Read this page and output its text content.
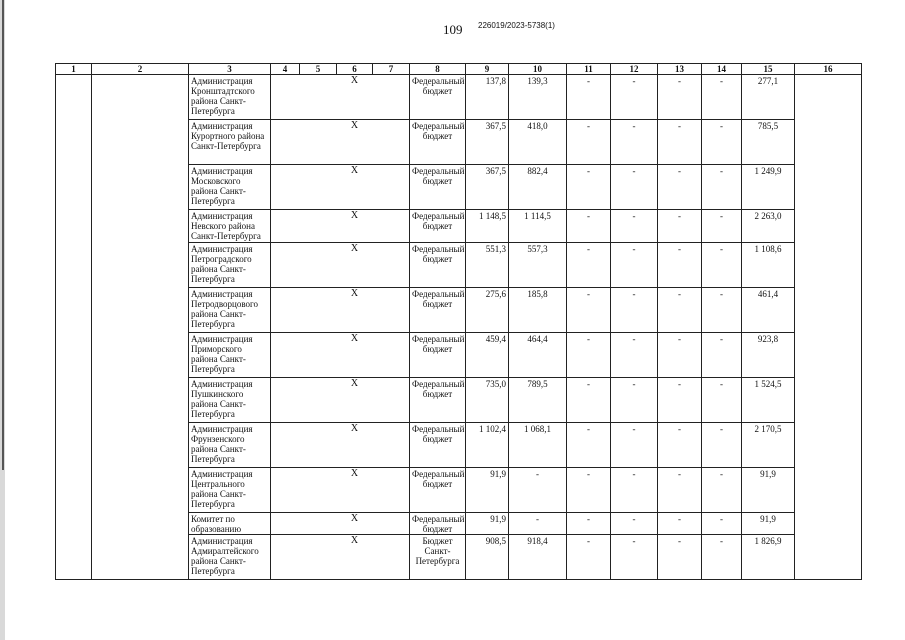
109 226019/2023-5738(1)
1	2	3	4	5	6	7	8	9	10	11	12	13	14	15	16
		Администрация Кронштадтского района Санкт-Петербурга			X		Федеральный бюджет	137,8	139,3	-	-	-	-	277,1	
		Администрация Курортного района Санкт-Петербурга			X		Федеральный бюджет	367,5	418,0	-	-	-	-	785,5	
		Администрация Московского района Санкт-Петербурга			X		Федеральный бюджет	367,5	882,4	-	-	-	-	1 249,9	
		Администрация Невского района Санкт-Петербурга			X		Федеральный бюджет	1 148,5	1 114,5	-	-	-	-	2 263,0	
		Администрация Петроградского района Санкт-Петербурга			X		Федеральный бюджет	551,3	557,3	-	-	-	-	1 108,6	
		Администрация Петродворцового района Санкт-Петербурга			X		Федеральный бюджет	275,6	185,8	-	-	-	-	461,4	
		Администрация Приморского района Санкт-Петербурга			X		Федеральный бюджет	459,4	464,4	-	-	-	-	923,8	
		Администрация Пушкинского района Санкт-Петербурга			X		Федеральный бюджет	735,0	789,5	-	-	-	-	1 524,5	
		Администрация Фрунзенского района Санкт-Петербурга			X		Федеральный бюджет	1 102,4	1 068,1	-	-	-	-	2 170,5	
		Администрация Центрального района Санкт-Петербурга			X		Федеральный бюджет	91,9	-	-	-	-	-	91,9	
		Комитет по образованию			X		Федеральный бюджет	91,9	-	-	-	-	-	91,9	
		Администрация Адмиралтейского района Санкт-Петербурга			X		Бюджет Санкт-Петербурга	908,5	918,4	-	-	-	-	1 826,9	
